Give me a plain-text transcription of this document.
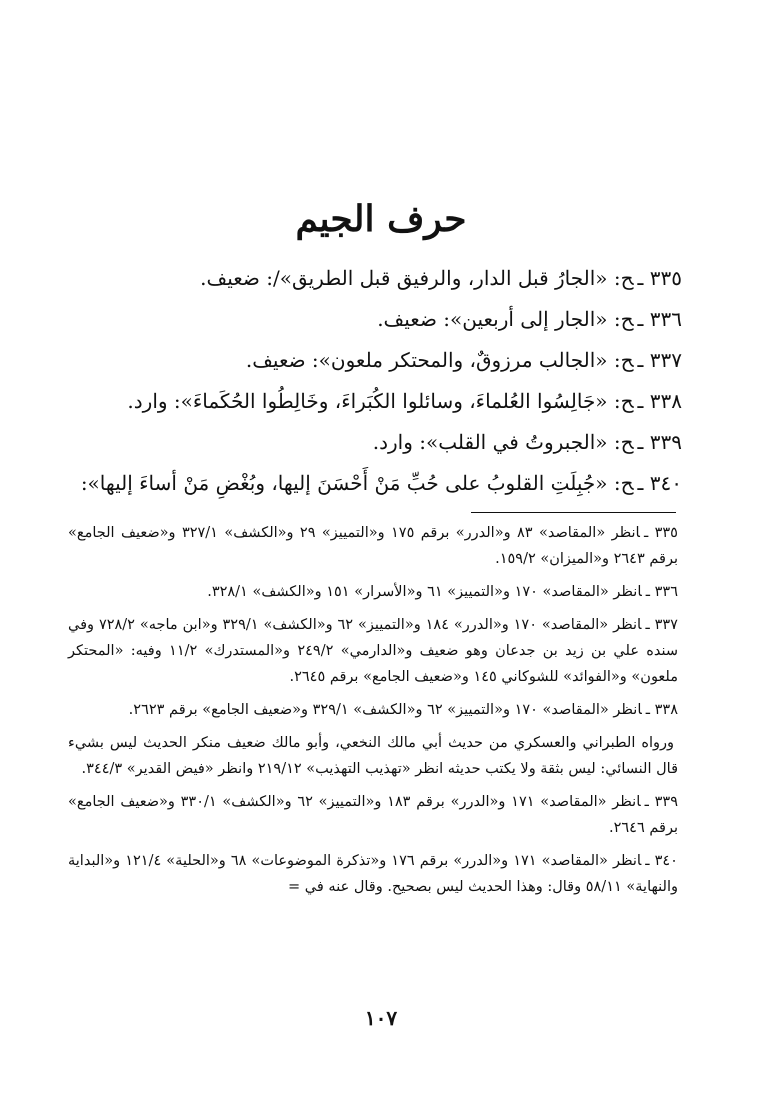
حرف الجيم
٣٣٥ ـح: «الجارُ قبل الدار، والرفيق قبل الطريق»/: ضعيف.
٣٣٦ ـح: «الجار إلى أربعين»: ضعيف.
٣٣٧ ـح: «الجالب مرزوقٌ، والمحتكر ملعون»: ضعيف.
٣٣٨ ـح: «جَالِسُوا العُلماءَ، وسائلوا الكُبَراءَ، وخَالِطُوا الحُكَماءَ»: وارد.
٣٣٩ ـح: «الجبروتُ في القلب»: وارد.
٣٤٠ ـح: «جُبِلَتِ القلوبُ على حُبِّ مَنْ أَحْسَنَ إليها، وبُغْضِ مَنْ أساءَ إليها»:
٣٣٥ ـانظر «المقاصد» ٨٣ و«الدرر» برقم ١٧٥ و«التمييز» ٢٩ و«الكشف» ٣٢٧/١ و«ضعيف الجامع» برقم ٢٦٤٣ و«الميزان» ١٥٩/٢.
٣٣٦ ـانظر «المقاصد» ١٧٠ و«التمييز» ٦١ و«الأسرار» ١٥١ و«الكشف» ٣٢٨/١.
٣٣٧ ـانظر «المقاصد» ١٧٠ و«الدرر» ١٨٤ و«التمييز» ٦٢ و«الكشف» ٣٢٩/١ و«ابن ماجه» ٧٢٨/٢ وفي سنده علي بن زيد بن جدعان وهو ضعيف و«الدارمي» ٢٤٩/٢ و«المستدرك» ١١/٢ وفيه: «المحتكر ملعون» و«الفوائد» للشوكاني ١٤٥ و«ضعيف الجامع» برقم ٢٦٤٥.
٣٣٨ ـانظر «المقاصد» ١٧٠ و«التمييز» ٦٢ و«الكشف» ٣٢٩/١ و«ضعيف الجامع» برقم ٢٦٢٣.
ورواه الطبراني والعسكري من حديث أبي مالك النخعي، وأبو مالك ضعيف منكر الحديث ليس بشيء قال النسائي: ليس بثقة ولا يكتب حديثه انظر «تهذيب التهذيب» ٢١٩/١٢ وانظر «فيض القدير» ٣٤٤/٣.
٣٣٩ ـانظر «المقاصد» ١٧١ و«الدرر» برقم ١٨٣ و«التمييز» ٦٢ و«الكشف» ٣٣٠/١ و«ضعيف الجامع» برقم ٢٦٤٦.
٣٤٠ ـانظر «المقاصد» ١٧١ و«الدرر» برقم ١٧٦ و«تذكرة الموضوعات» ٦٨ و«الحلية» ١٢١/٤ و«البداية والنهاية» ٥٨/١١ وقال: وهذا الحديث ليس بصحيح. وقال عنه في =
١٠٧
